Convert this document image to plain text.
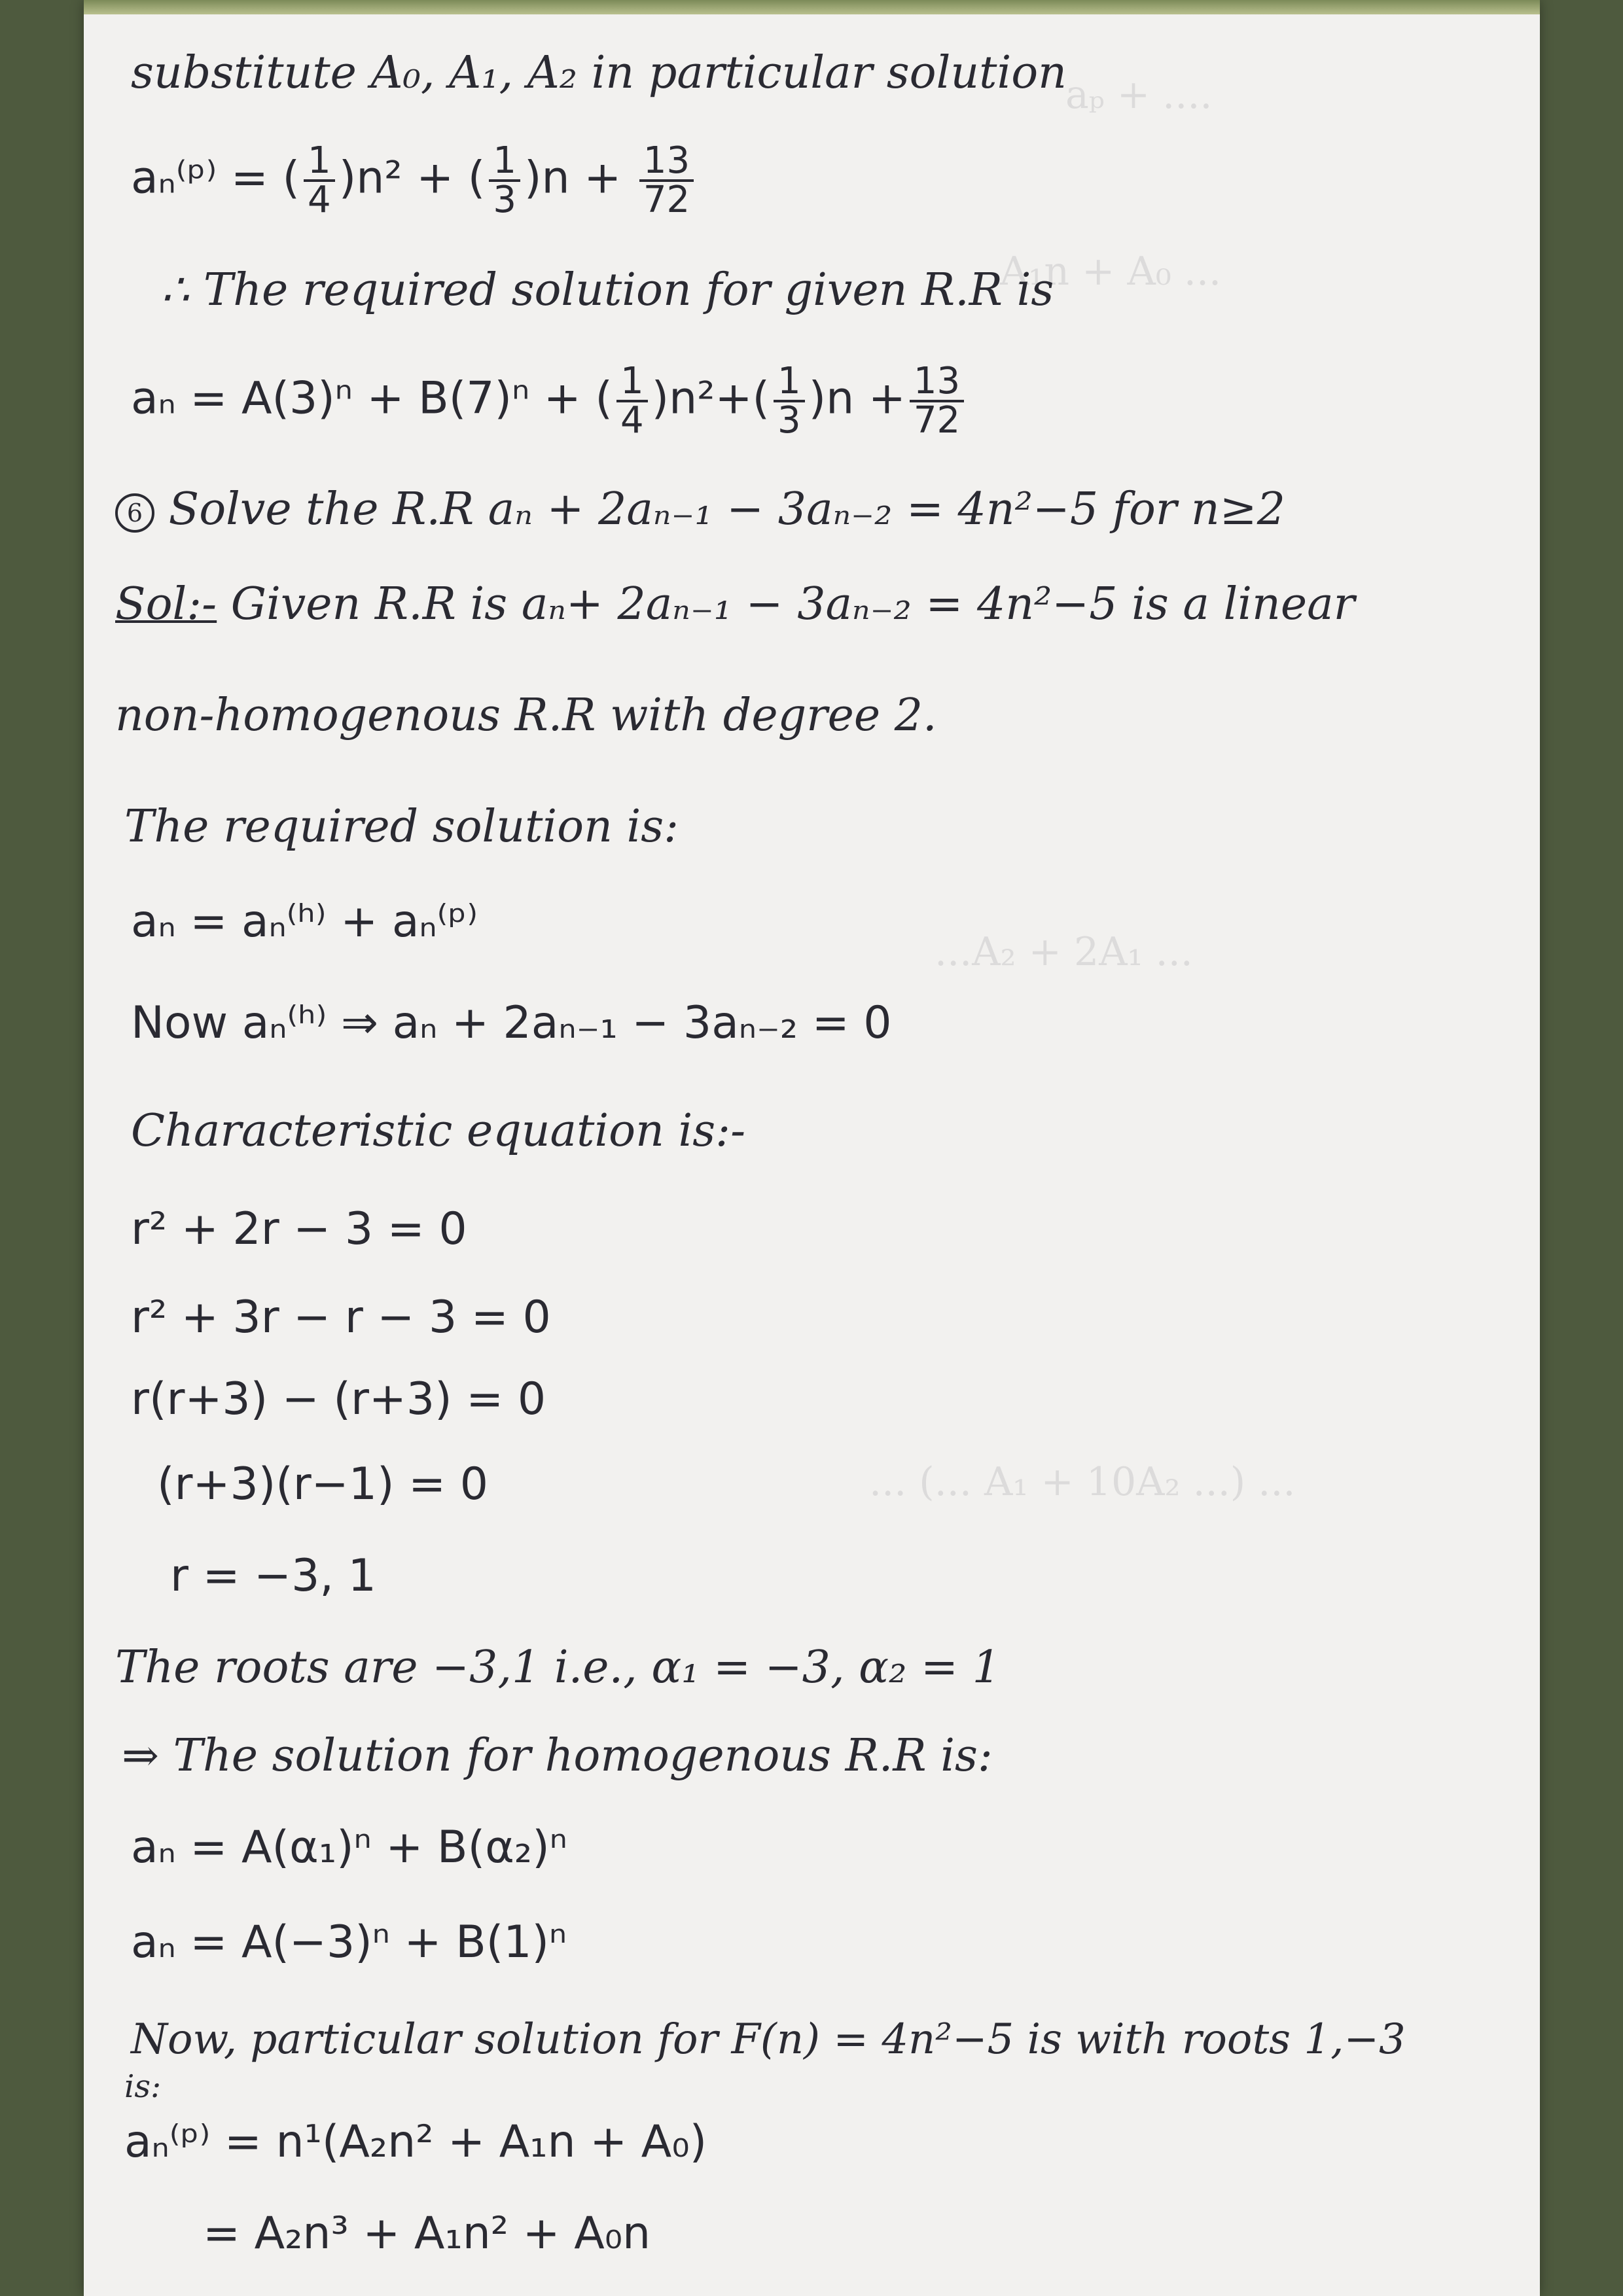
aₚ + ....
A₁n + A₀ ...
...A₂ + 2A₁ ...
... (... A₁ + 10A₂ ...) ...
substitute A₀, A₁, A₂ in particular solution
aₙ⁽ᵖ⁾ = ( $\frac{1}{4} )n^2$ + ( $\frac{1}{3} )n + \frac{13}{72}$
∴ The required solution for given R.R is
aₙ = A(3)ⁿ + B(7)ⁿ + ( $\frac{1}{4} )n^2+( \frac{1}{3} )n + \frac{13}{72}$
6 Solve the R.R aₙ + 2aₙ₋₁ − 3aₙ₋₂ = 4n²−5 for n≥2
Sol:- Given R.R is aₙ+ 2aₙ₋₁ − 3aₙ₋₂ = 4n²−5 is a linear
non-homogenous R.R with degree 2.
The required solution is:
aₙ = aₙ⁽ʰ⁾ + aₙ⁽ᵖ⁾
Now aₙ⁽ʰ⁾ ⇒ aₙ + 2aₙ₋₁ − 3aₙ₋₂ = 0
Characteristic equation is:-
r² + 2r − 3 = 0
r² + 3r − r − 3 = 0
r(r+3) − (r+3) = 0
(r+3)(r−1) = 0
r = −3, 1
The roots are −3,1 i.e., α₁ = −3, α₂ = 1
⇒ The solution for homogenous R.R is:
aₙ = A(α₁)ⁿ + B(α₂)ⁿ
aₙ = A(−3)ⁿ + B(1)ⁿ
Now, particular solution for F(n) = 4n²−5 is with roots 1,−3
is:
aₙ⁽ᵖ⁾ = n¹(A₂n² + A₁n + A₀)
= A₂n³ + A₁n² + A₀n
